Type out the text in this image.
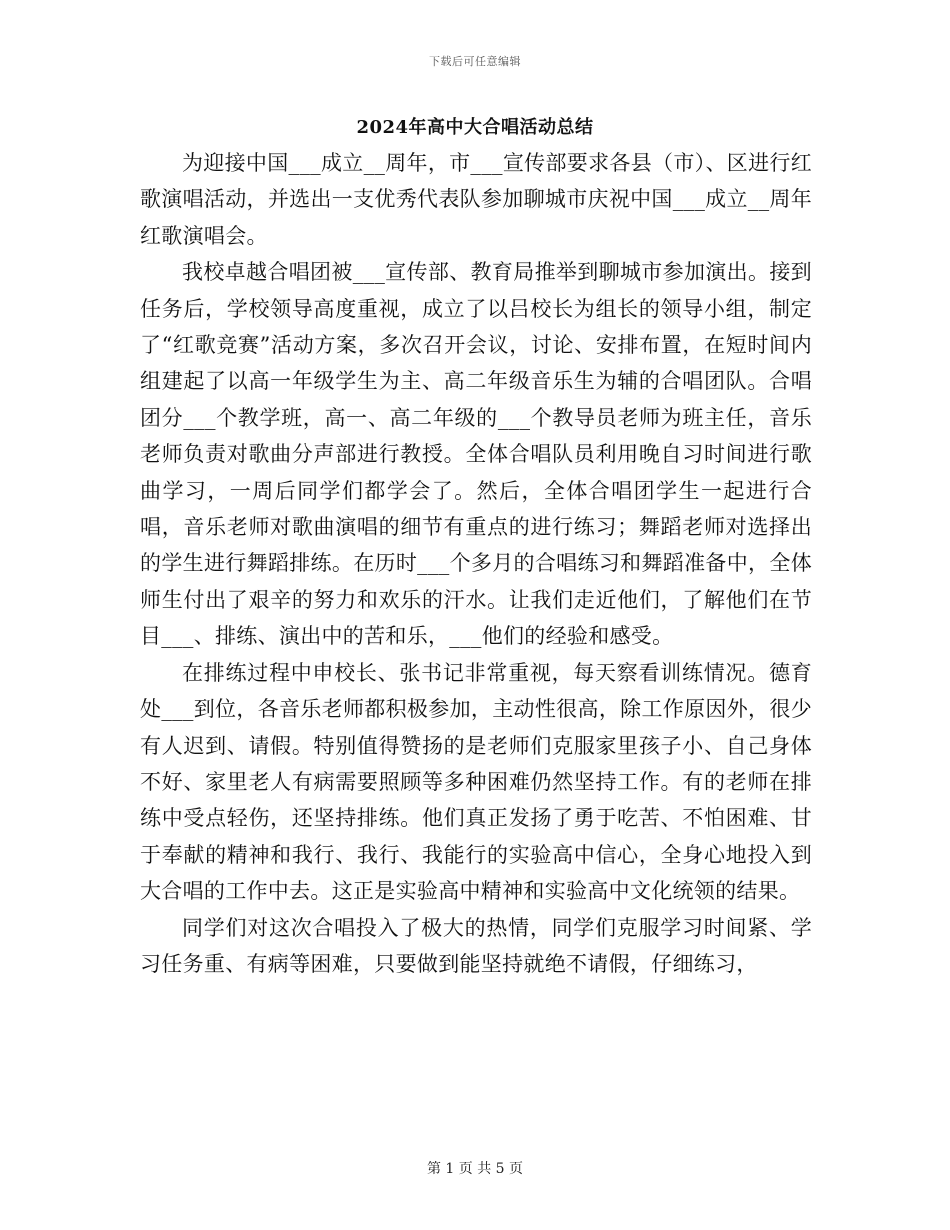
下载后可任意编辑
2024年高中大合唱活动总结

为迎接中国___成立__周年，市___宣传部要求各县（市）、区进行红歌演唱活动，并选出一支优秀代表队参加聊城市庆祝中国___成立__周年红歌演唱会。

我校卓越合唱团被___宣传部、教育局推举到聊城市参加演出。接到任务后，学校领导高度重视，成立了以吕校长为组长的领导小组，制定了“红歌竞赛”活动方案，多次召开会议，讨论、安排布置，在短时间内组建起了以高一年级学生为主、高二年级音乐生为辅的合唱团队。合唱团分___个教学班，高一、高二年级的___个教导员老师为班主任，音乐老师负责对歌曲分声部进行教授。全体合唱队员利用晚自习时间进行歌曲学习，一周后同学们都学会了。然后，全体合唱团学生一起进行合唱，音乐老师对歌曲演唱的细节有重点的进行练习；舞蹈老师对选择出的学生进行舞蹈排练。在历时___个多月的合唱练习和舞蹈准备中，全体师生付出了艰辛的努力和欢乐的汗水。让我们走近他们，了解他们在节目___、排练、演出中的苦和乐，___他们的经验和感受。

在排练过程中申校长、张书记非常重视，每天察看训练情况。德育处___到位，各音乐老师都积极参加，主动性很高，除工作原因外，很少有人迟到、请假。特别值得赞扬的是老师们克服家里孩子小、自己身体不好、家里老人有病需要照顾等多种困难仍然坚持工作。有的老师在排练中受点轻伤，还坚持排练。他们真正发扬了勇于吃苦、不怕困难、甘于奉献的精神和我行、我行、我能行的实验高中信心，全身心地投入到大合唱的工作中去。这正是实验高中精神和实验高中文化统领的结果。

同学们对这次合唱投入了极大的热情，同学们克服学习时间紧、学习任务重、有病等困难，只要做到能坚持就绝不请假，仔细练习，

第 1 页 共 5 页
